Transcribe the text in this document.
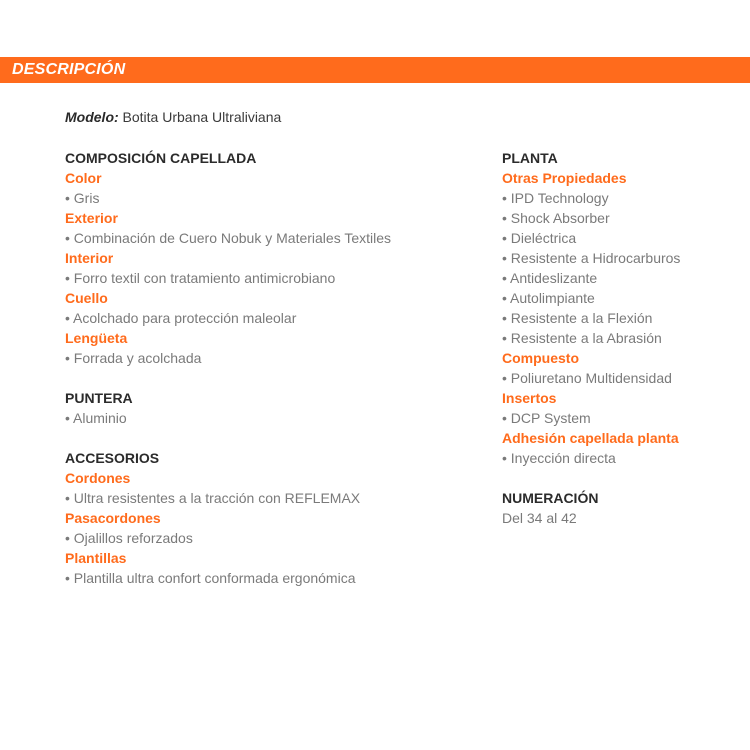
DESCRIPCIÓN
Modelo: Botita Urbana Ultraliviana
COMPOSICIÓN CAPELLADA
Color
• Gris
Exterior
• Combinación de Cuero Nobuk y Materiales Textiles
Interior
• Forro textil con tratamiento antimicrobiano
Cuello
• Acolchado para protección maleolar
Lengüeta
• Forrada y acolchada
PUNTERA
• Aluminio
ACCESORIOS
Cordones
• Ultra resistentes a la tracción con REFLEMAX
Pasacordones
• Ojalillos reforzados
Plantillas
• Plantilla ultra confort conformada ergonómica
PLANTA
Otras Propiedades
• IPD Technology
• Shock Absorber
• Dieléctrica
• Resistente a Hidrocarburos
• Antideslizante
• Autolimpiante
• Resistente a la Flexión
• Resistente a la Abrasión
Compuesto
• Poliuretano Multidensidad
Insertos
• DCP System
Adhesión capellada planta
• Inyección directa
NUMERACIÓN
Del 34 al 42
